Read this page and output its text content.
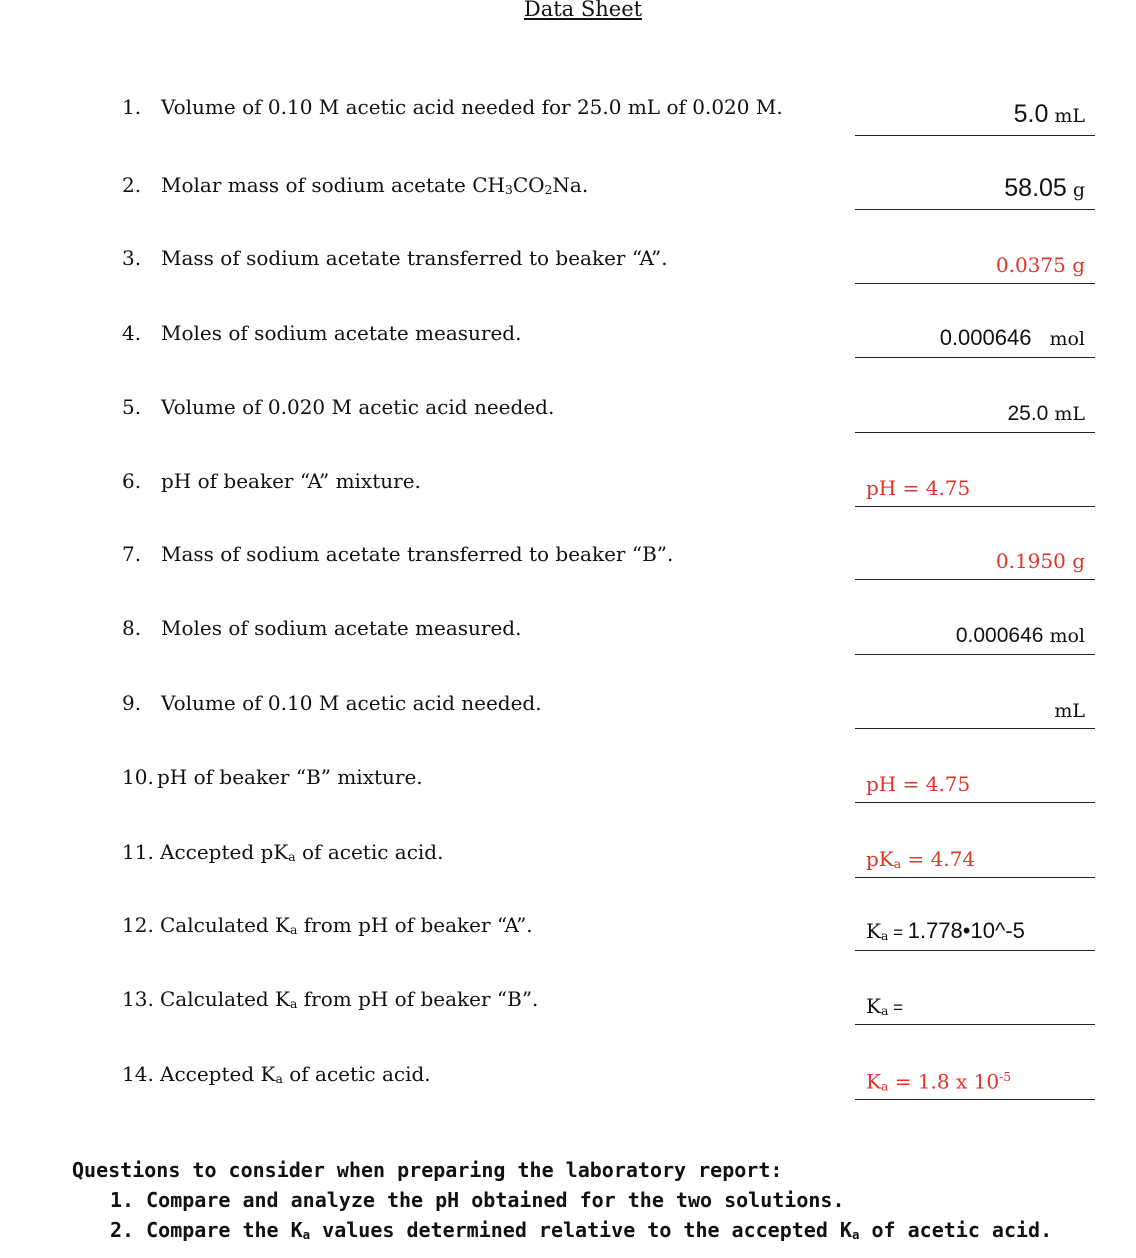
Data Sheet
1. Volume of 0.10 M acetic acid needed for 25.0 mL of 0.020 M.	5.0 mL
2. Molar mass of sodium acetate CH3CO2Na.	58.05 g
3. Mass of sodium acetate transferred to beaker “A”.	0.0375 g
4. Moles of sodium acetate measured.	0.000646 mol
5. Volume of 0.020 M acetic acid needed.	25.0 mL
6. pH of beaker “A” mixture.	pH = 4.75
7. Mass of sodium acetate transferred to beaker “B”.	0.1950 g
8. Moles of sodium acetate measured.	0.000646 mol
9. Volume of 0.10 M acetic acid needed.	mL
10. pH of beaker “B” mixture.	pH = 4.75
11. Accepted pKa of acetic acid.	pKa = 4.74
12. Calculated Ka from pH of beaker “A”.	Ka = 1.778•10^-5
13. Calculated Ka from pH of beaker “B”.	Ka =
14. Accepted Ka of acetic acid.	Ka = 1.8 x $10^{-5}$
Questions to consider when preparing the laboratory report:
1. Compare and analyze the pH obtained for the two solutions.
2. Compare the Ka values determined relative to the accepted Ka of acetic acid.
